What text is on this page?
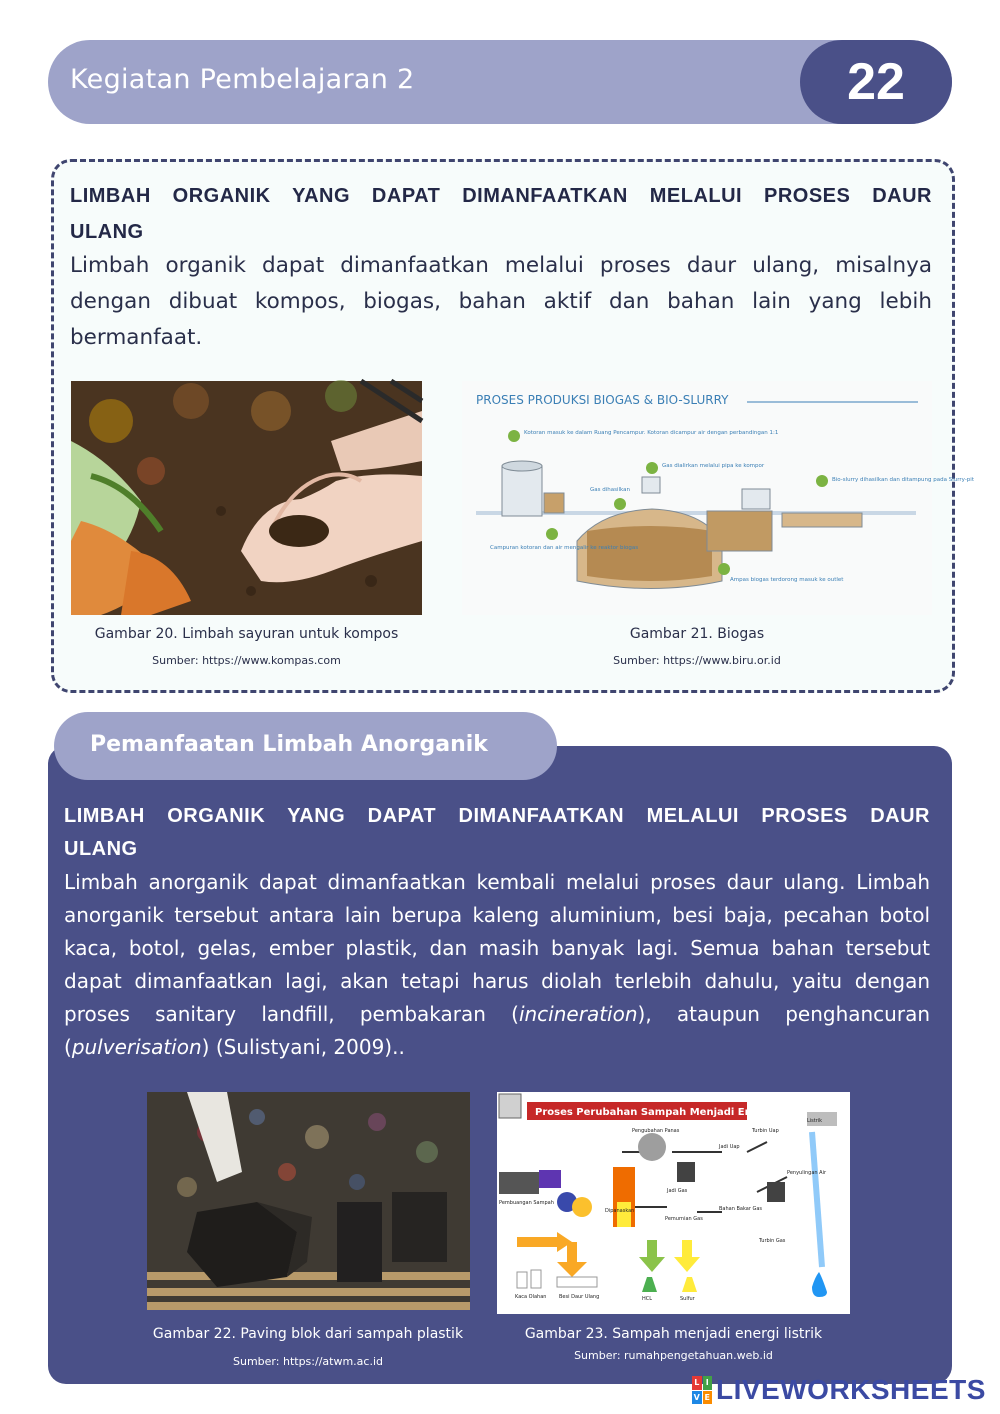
Kegiatan Pembelajaran 2	22
LIMBAH ORGANIK YANG DAPAT DIMANFAATKAN MELALUI PROSES DAUR
ULANG

Limbah organik dapat dimanfaatkan melalui proses daur ulang, misalnya dengan dibuat kompos, biogas, bahan aktif dan bahan lain yang lebih bermanfaat.

PROSES PRODUKSI BIOGAS & BIO-SLURRY
Kotoran masuk ke dalam Ruang Pencampur. Kotoran dicampur air dengan perbandingan 1:1
Campuran kotoran dan air mengalir ke reaktor biogas
Gas dihasilkan
Ampas biogas terdorong masuk ke outlet
Gas dialirkan melalui pipa ke kompor
Bio-slurry dihasilkan dan ditampung pada Slurry-pit
Gambar 20. Limbah sayuran untuk kompos
Sumber: https://www.kompas.com
Gambar 21. Biogas
Sumber: https://www.biru.or.id
LIMBAH ORGANIK YANG DAPAT DIMANFAATKAN MELALUI PROSES DAUR
ULANG

Limbah anorganik dapat dimanfaatkan kembali melalui proses daur ulang. Limbah anorganik tersebut antara lain berupa kaleng aluminium, besi baja, pecahan botol kaca, botol, gelas, ember plastik, dan masih banyak lagi. Semua bahan tersebut dapat dimanfaatkan lagi, akan tetapi harus diolah terlebih dahulu, yaitu dengan proses sanitary landfill, pembakaran (incineration), ataupun penghancuran (pulverisation) (Sulistyani, 2009)..

Proses Perubahan Sampah Menjadi Energi
Pengubahan Panas
Jadi Uap
Jadi Gas
Turbin Uap
Listrik
Pembuangan Sampah
Dipanaskan
Pemurnian Gas
Bahan Bakar Gas
Penyulingan Air
Turbin Gas
Kaca Olahan	Besi Daur Ulang	HCL	Sulfur
Gambar 22. Paving blok dari sampah plastik
Sumber: https://atwm.ac.id
Gambar 23. Sampah menjadi energi listrik
Sumber: rumahpengetahuan.web.id
Pemanfaatan Limbah Anorganik
L I
V E LIVEWORKSHEETS
